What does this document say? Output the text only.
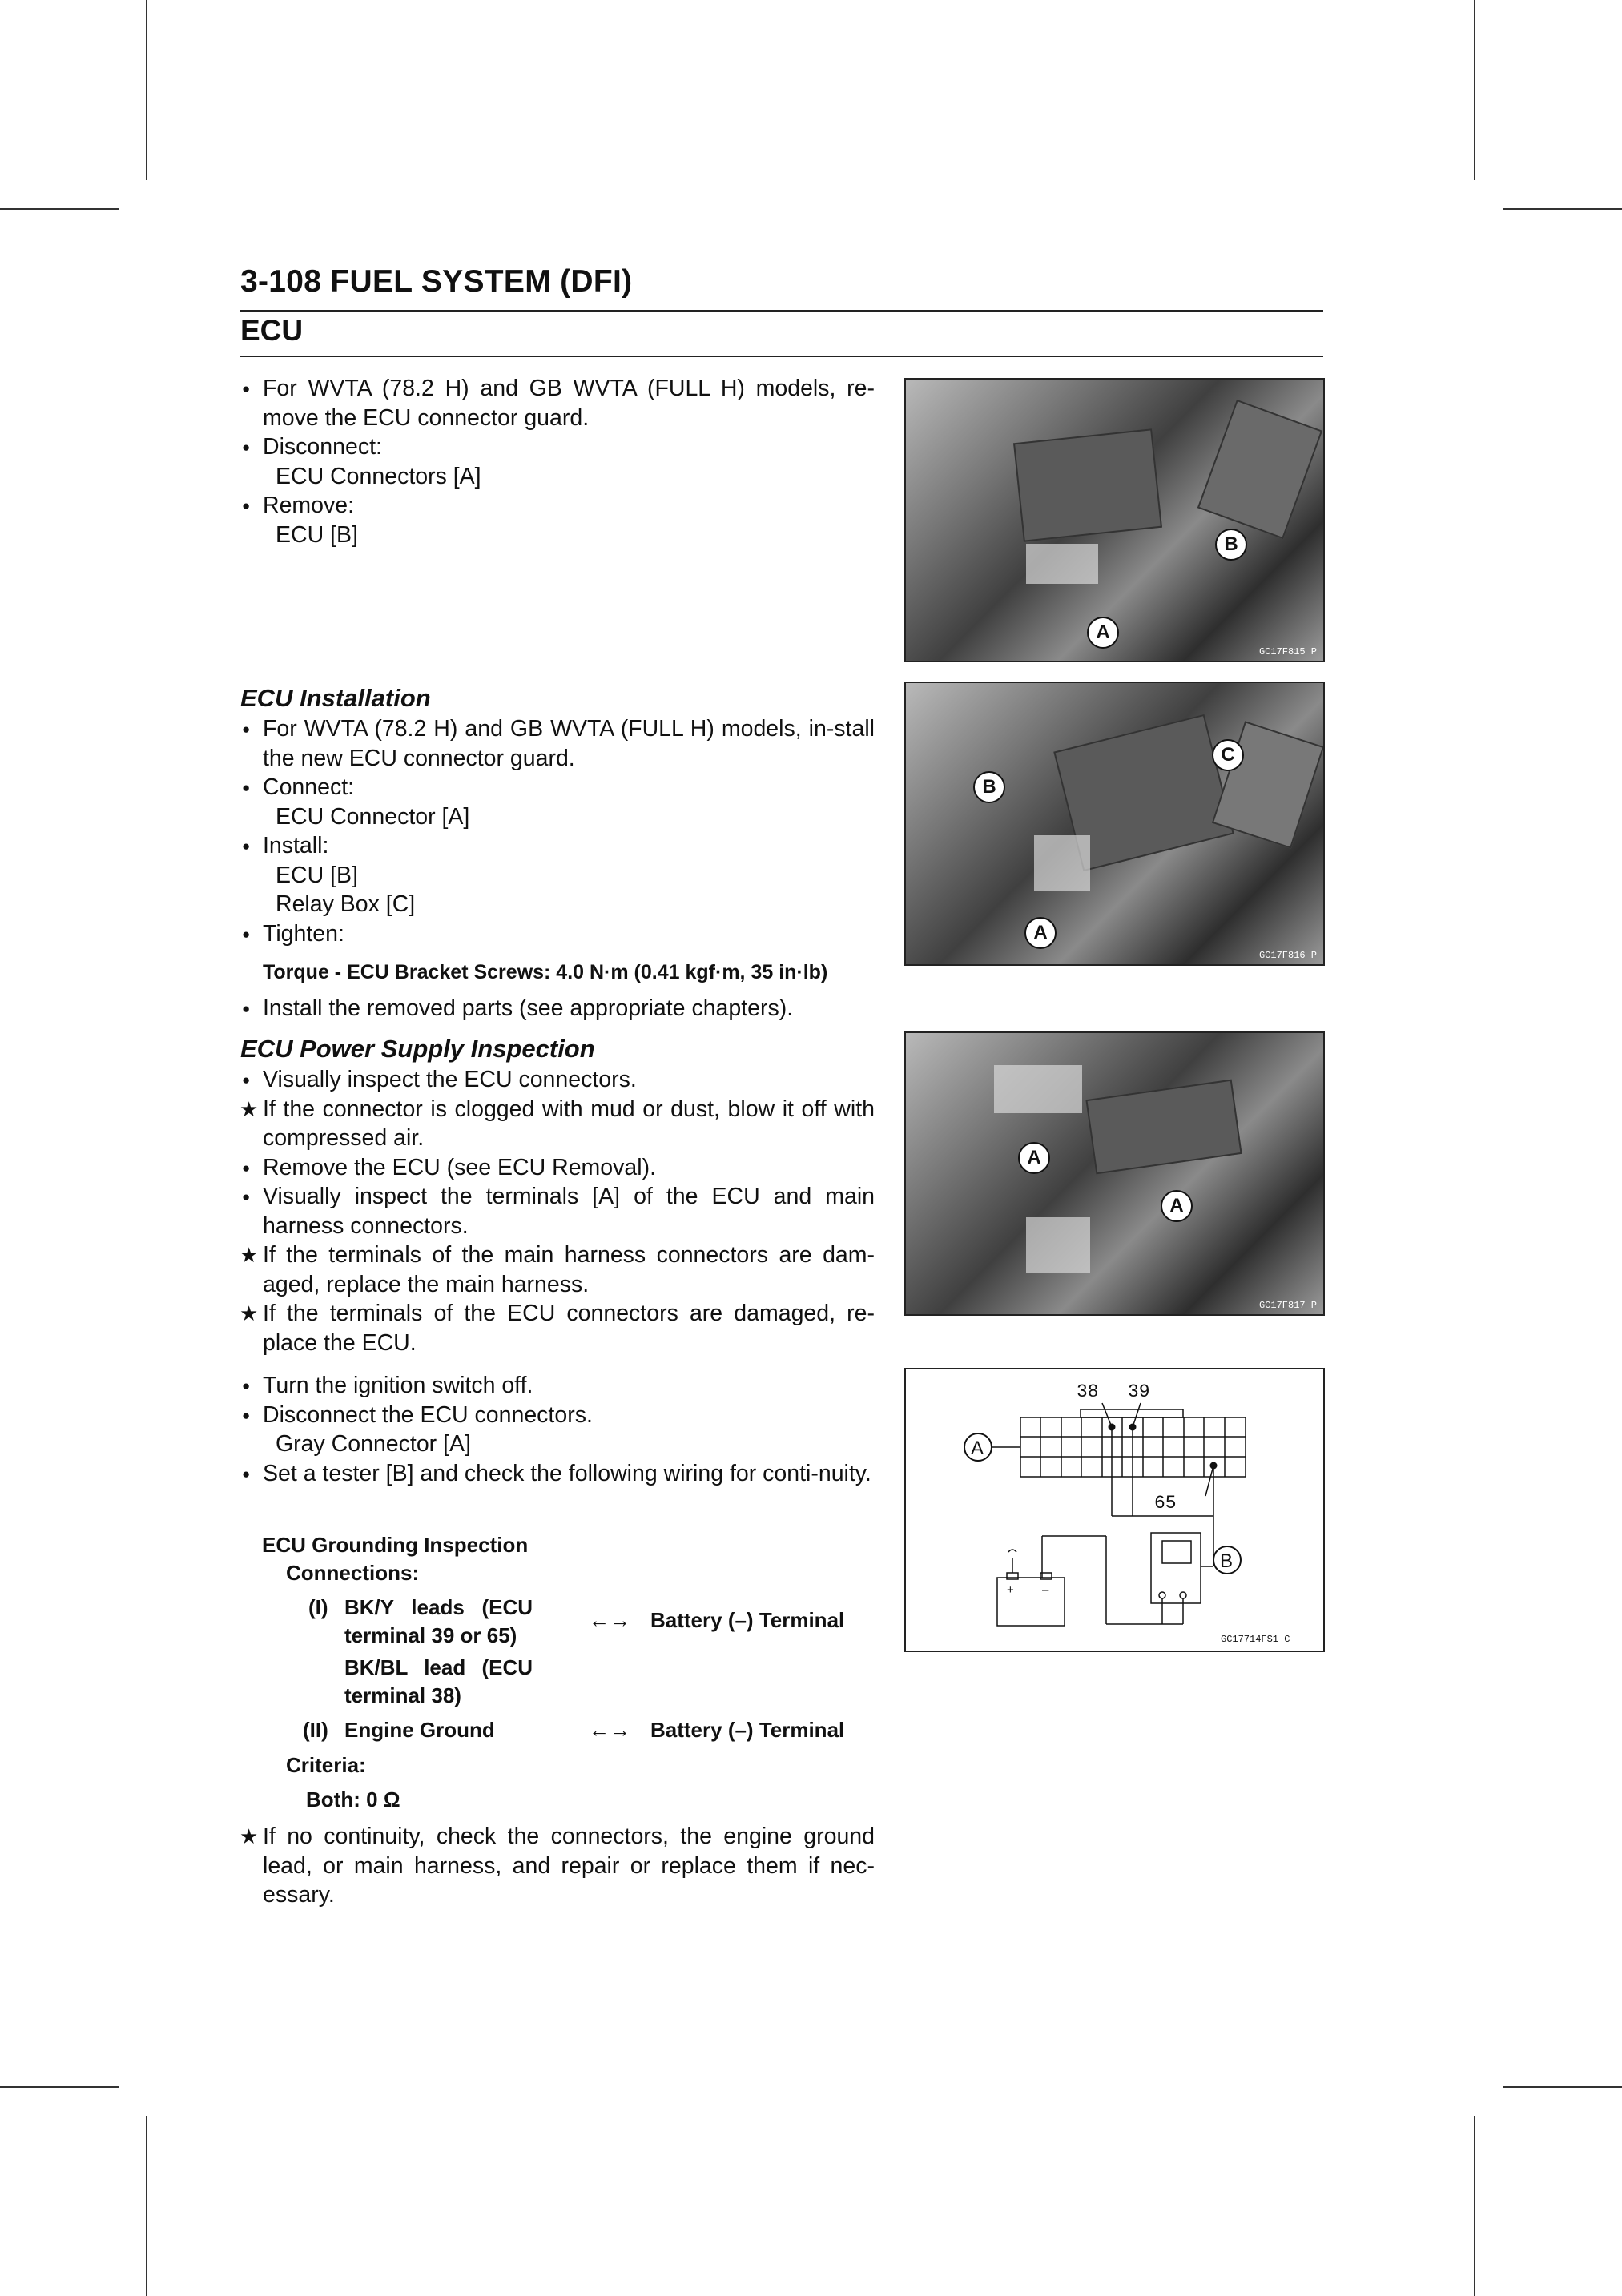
3-108 FUEL SYSTEM (DFI)
ECU
● For WVTA (78.2 H) and GB WVTA (FULL H) models, re-move the ECU connector guard.
● Disconnect:
ECU Connectors [A]
● Remove:
ECU [B]
ECU Installation
● For WVTA (78.2 H) and GB WVTA (FULL H) models, in-stall the new ECU connector guard.
● Connect:
ECU Connector [A]
● Install:
ECU [B]
Relay Box [C]
● Tighten:
Torque - ECU Bracket Screws: 4.0 N·m (0.41 kgf·m, 35 in·lb)
● Install the removed parts (see appropriate chapters).
ECU Power Supply Inspection
● Visually inspect the ECU connectors.
★ If the connector is clogged with mud or dust, blow it off with compressed air.
● Remove the ECU (see ECU Removal).
● Visually inspect the terminals [A] of the ECU and main harness connectors.
★ If the terminals of the main harness connectors are dam-aged, replace the main harness.
★ If the terminals of the ECU connectors are damaged, re-place the ECU.
● Turn the ignition switch off.
● Disconnect the ECU connectors.
Gray Connector [A]
● Set a tester [B] and check the following wiring for conti-nuity.
ECU Grounding Inspection
Connections:
(I) BK/Y leads (ECU terminal 39 or 65)
←→ Battery (–) Terminal
BK/BL lead (ECU terminal 38)
(II) Engine Ground	←→ Battery (–) Terminal
Criteria:
Both: 0 Ω
★ If no continuity, check the connectors, the engine ground lead, or main harness, and repair or replace them if nec-essary.
A
B
GC17F815 P
A
B
C
GC17F816 P
A
A
GC17F817 P
38 39
65
GC17714FS1 C
+ –
A
B
